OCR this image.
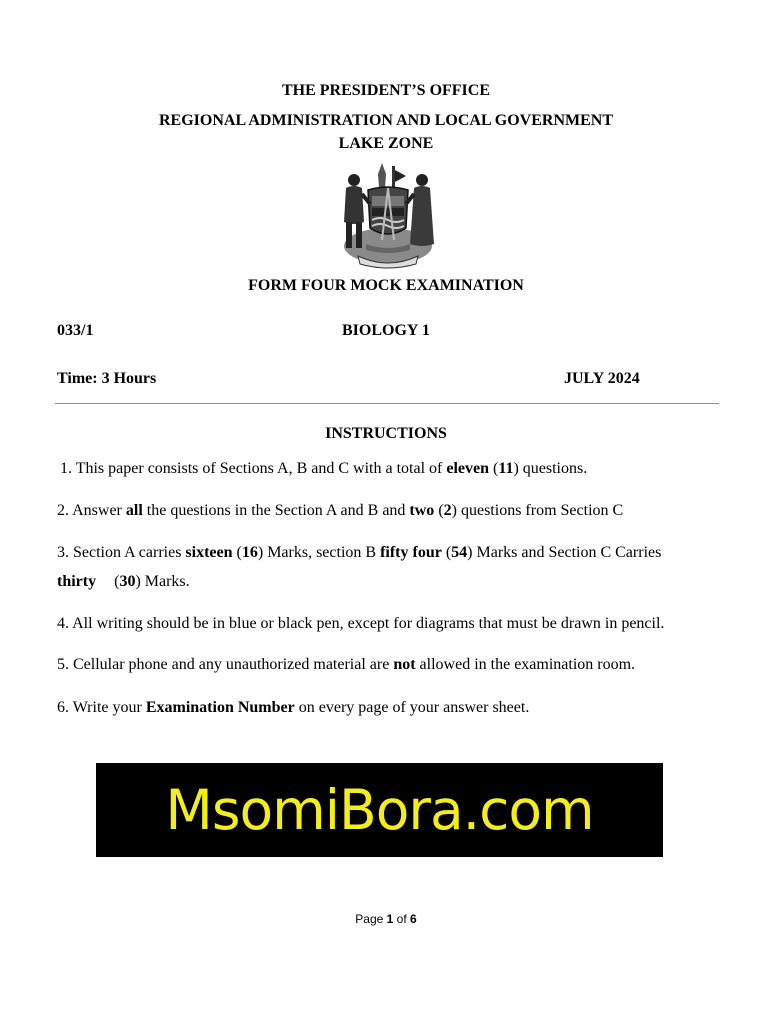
THE PRESIDENT’S OFFICE
REGIONAL ADMINISTRATION AND LOCAL GOVERNMENT
LAKE ZONE
FORM FOUR MOCK EXAMINATION
033/1	BIOLOGY 1
Time: 3 Hours	JULY 2024
INSTRUCTIONS
1. This paper consists of Sections A, B and C with a total of eleven (11) questions.
2. Answer all the questions in the Section A and B and two (2) questions from Section C
3. Section A carries sixteen (16) Marks, section B fifty four (54) Marks and Section C Carries
thirty (30) Marks.
4. All writing should be in blue or black pen, except for diagrams that must be drawn in pencil.
5. Cellular phone and any unauthorized material are not allowed in the examination room.
6. Write your Examination Number on every page of your answer sheet.
MsomiBora.com
Page 1 of 6
